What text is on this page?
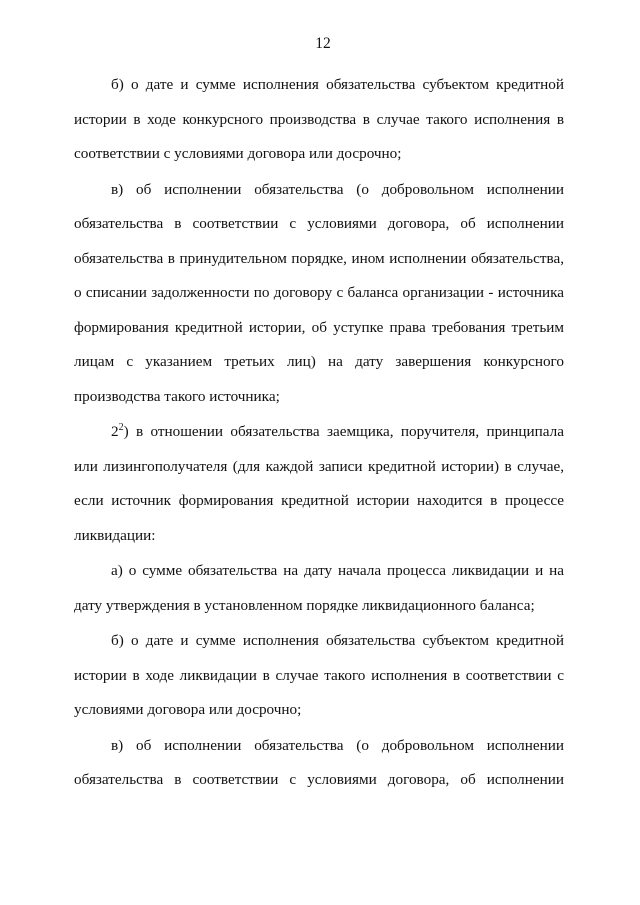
12

б) о дате и сумме исполнения обязательства субъектом кредитной
истории в ходе конкурсного производства в случае такого исполнения в
соответствии с условиями договора или досрочно;

в) об исполнении обязательства (о добровольном исполнении
обязательства в соответствии с условиями договора, об исполнении
обязательства в принудительном порядке, ином исполнении обязательства,
о списании задолженности по договору с баланса организации - источника
формирования кредитной истории, об уступке права требования третьим
лицам с указанием третьих лиц) на дату завершения конкурсного
производства такого источника;

$2^2$) в отношении обязательства заемщика, поручителя, принципала
или лизингополучателя (для каждой записи кредитной истории) в случае,
если источник формирования кредитной истории находится в процессе
ликвидации:

а) о сумме обязательства на дату начала процесса ликвидации и на
дату утверждения в установленном порядке ликвидационного баланса;

б) о дате и сумме исполнения обязательства субъектом кредитной
истории в ходе ликвидации в случае такого исполнения в соответствии с
условиями договора или досрочно;

в) об исполнении обязательства (о добровольном исполнении
обязательства в соответствии с условиями договора, об исполнении
